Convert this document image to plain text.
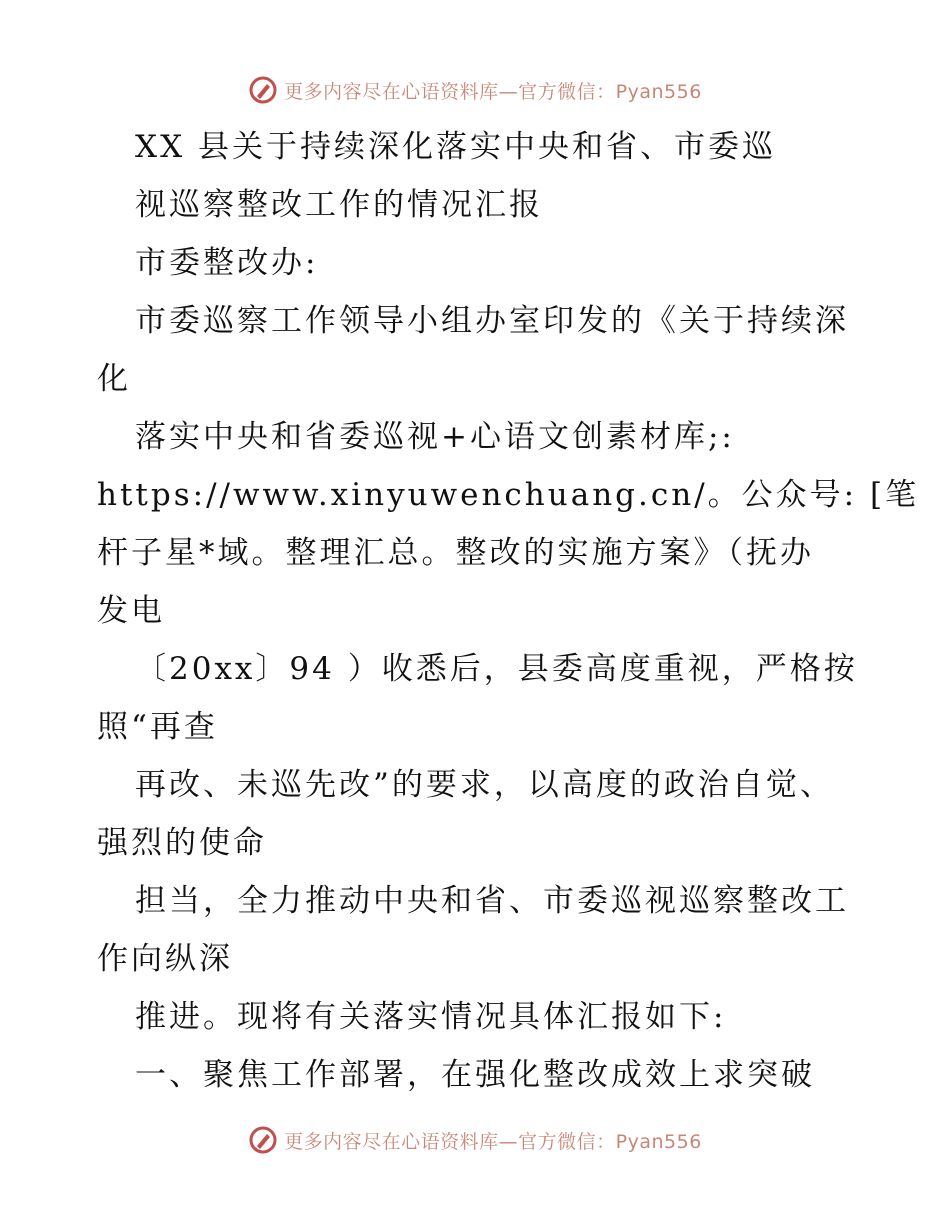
更多内容尽在心语资料库—官方微信：Pyan556
XX 县关于持续深化落实中央和省、市委巡
视巡察整改工作的情况汇报
市委整改办:
市委巡察工作领导小组办室印发的《关于持续深
化
落实中央和省委巡视+心语文创素材库;:
https://www.xinyuwenchuang.cn/。公众号: [笔
杆子星*域。整理汇总。整改的实施方案》（抚办
发电
〔20xx〕94 ）收悉后，县委高度重视，严格按
照“再查
再改、未巡先改”的要求，以高度的政治自觉、
强烈的使命
担当，全力推动中央和省、市委巡视巡察整改工
作向纵深
推进。现将有关落实情况具体汇报如下:
一、聚焦工作部署，在强化整改成效上求突破
更多内容尽在心语资料库—官方微信：Pyan556
